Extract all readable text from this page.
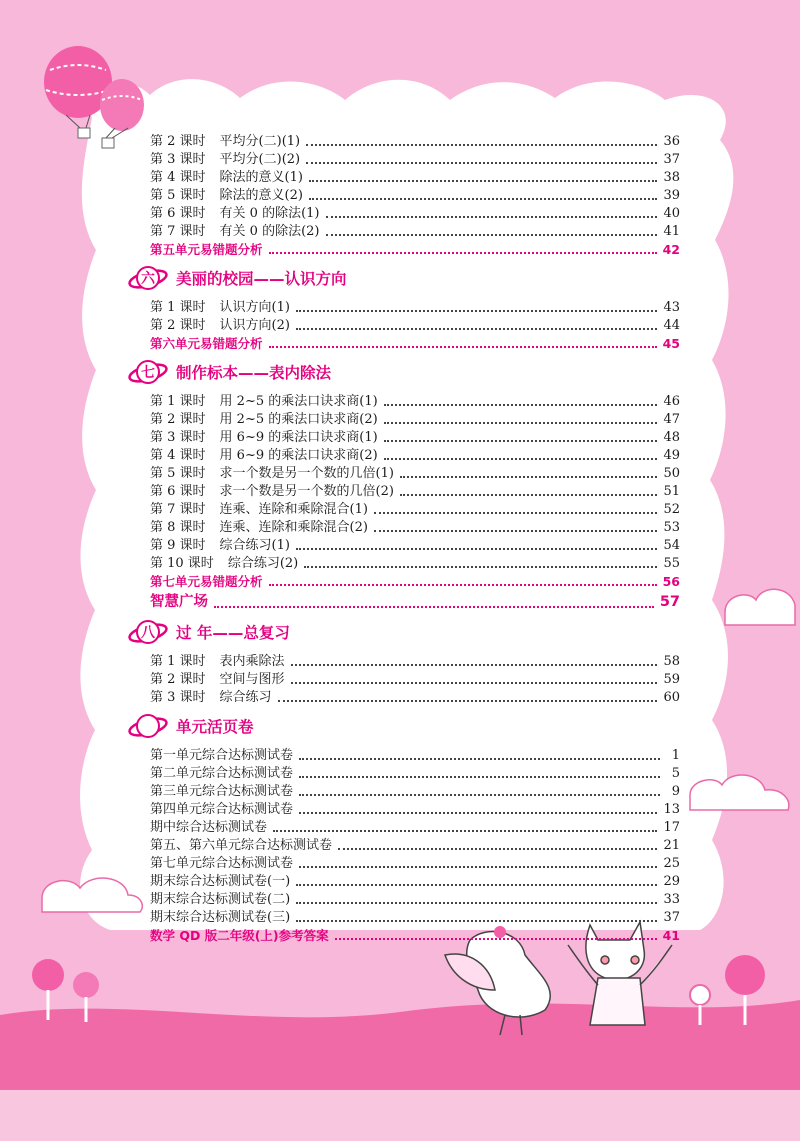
第 2 课时 平均分(二)(1)	36
第 3 课时 平均分(二)(2)	37
第 4 课时 除法的意义(1)	38
第 5 课时 除法的意义(2)	39
第 6 课时 有关 0 的除法(1)	40
第 7 课时 有关 0 的除法(2)	41
第五单元易错题分析	42
六	美丽的校园——认识方向
第 1 课时 认识方向(1)	43
第 2 课时 认识方向(2)	44
第六单元易错题分析	45
七	制作标本——表内除法
第 1 课时 用 2~5 的乘法口诀求商(1)	46
第 2 课时 用 2~5 的乘法口诀求商(2)	47
第 3 课时 用 6~9 的乘法口诀求商(1)	48
第 4 课时 用 6~9 的乘法口诀求商(2)	49
第 5 课时 求一个数是另一个数的几倍(1)	50
第 6 课时 求一个数是另一个数的几倍(2)	51
第 7 课时 连乘、连除和乘除混合(1)	52
第 8 课时 连乘、连除和乘除混合(2)	53
第 9 课时 综合练习(1)	54
第 10 课时 综合练习(2)	55
第七单元易错题分析	56
智慧广场	57
八	过 年——总复习
第 1 课时 表内乘除法	58
第 2 课时 空间与图形	59
第 3 课时 综合练习	60
单元活页卷
第一单元综合达标测试卷	1
第二单元综合达标测试卷	5
第三单元综合达标测试卷	9
第四单元综合达标测试卷	13
期中综合达标测试卷	17
第五、第六单元综合达标测试卷	21
第七单元综合达标测试卷	25
期末综合达标测试卷(一)	29
期末综合达标测试卷(二)	33
期末综合达标测试卷(三)	37
数学 QD 版二年级(上)参考答案	41
